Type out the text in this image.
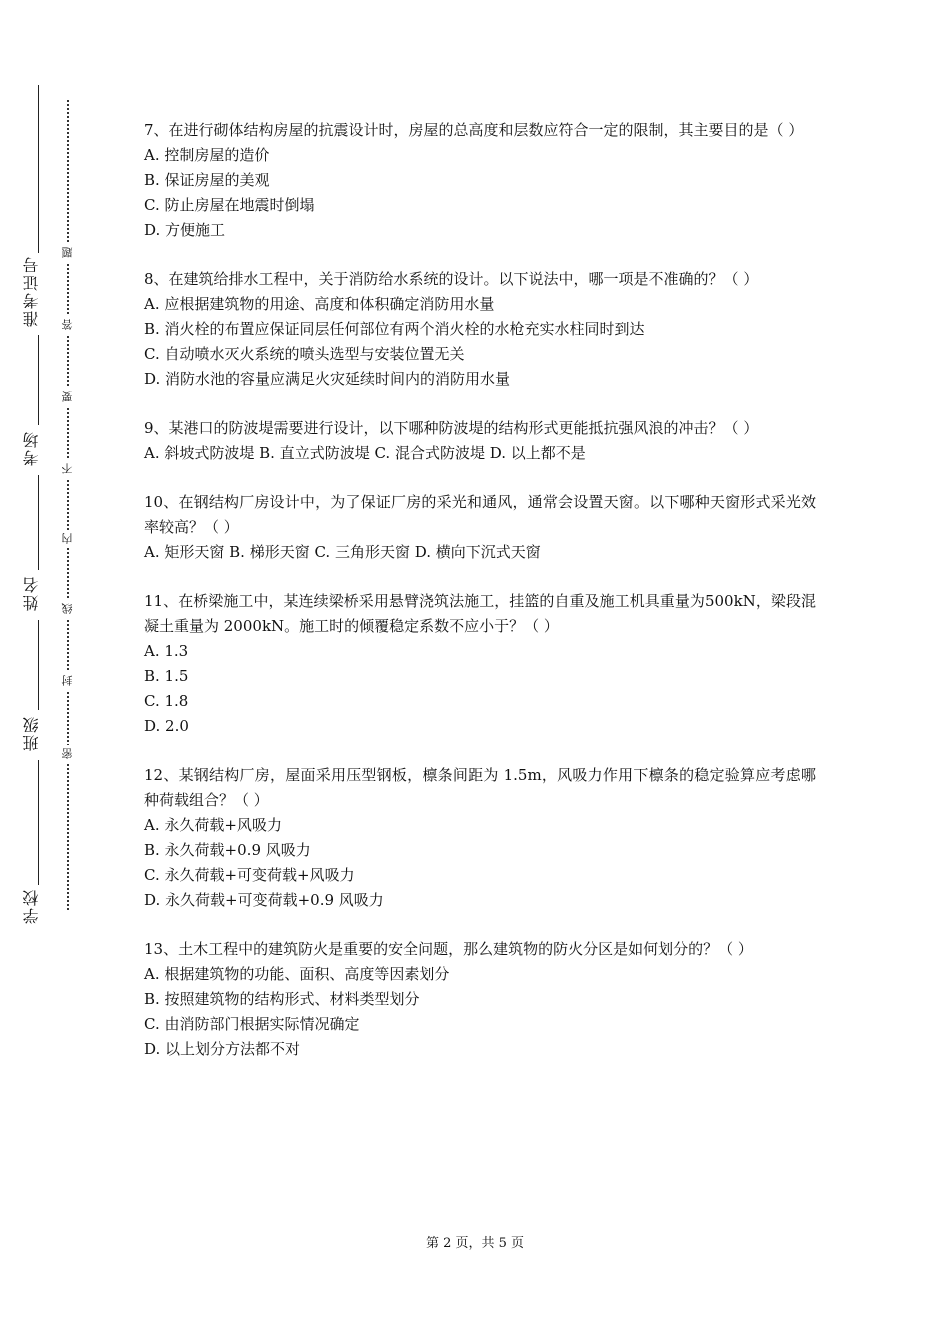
准考证号
考场
姓名
班级
学校
密
封
线
内
不
要
答
题

7、在进行砌体结构房屋的抗震设计时，房屋的总高度和层数应符合一定的限制，其主要目的是（ ）

A. 控制房屋的造价

B. 保证房屋的美观

C. 防止房屋在地震时倒塌

D. 方便施工

8、在建筑给排水工程中，关于消防给水系统的设计。以下说法中，哪一项是不准确的？（ ）

A. 应根据建筑物的用途、高度和体积确定消防用水量

B. 消火栓的布置应保证同层任何部位有两个消火栓的水枪充实水柱同时到达

C. 自动喷水灭火系统的喷头选型与安装位置无关

D. 消防水池的容量应满足火灾延续时间内的消防用水量

9、某港口的防波堤需要进行设计，以下哪种防波堤的结构形式更能抵抗强风浪的冲击？（ ）

A. 斜坡式防波堤 B. 直立式防波堤 C. 混合式防波堤 D. 以上都不是

10、在钢结构厂房设计中，为了保证厂房的采光和通风，通常会设置天窗。以下哪种天窗形式采光效率较高？（ ）

A. 矩形天窗 B. 梯形天窗 C. 三角形天窗 D. 横向下沉式天窗

11、在桥梁施工中，某连续梁桥采用悬臂浇筑法施工，挂篮的自重及施工机具重量为500kN，梁段混凝土重量为 2000kN。施工时的倾覆稳定系数不应小于？（ ）

A. 1.3

B. 1.5

C. 1.8

D. 2.0

12、某钢结构厂房，屋面采用压型钢板，檩条间距为 1.5m，风吸力作用下檩条的稳定验算应考虑哪种荷载组合？（ ）

A. 永久荷载+风吸力

B. 永久荷载+0.9 风吸力

C. 永久荷载+可变荷载+风吸力

D. 永久荷载+可变荷载+0.9 风吸力

13、土木工程中的建筑防火是重要的安全问题，那么建筑物的防火分区是如何划分的？（ ）

A. 根据建筑物的功能、面积、高度等因素划分

B. 按照建筑物的结构形式、材料类型划分

C. 由消防部门根据实际情况确定

D. 以上划分方法都不对

第 2 页，共 5 页
